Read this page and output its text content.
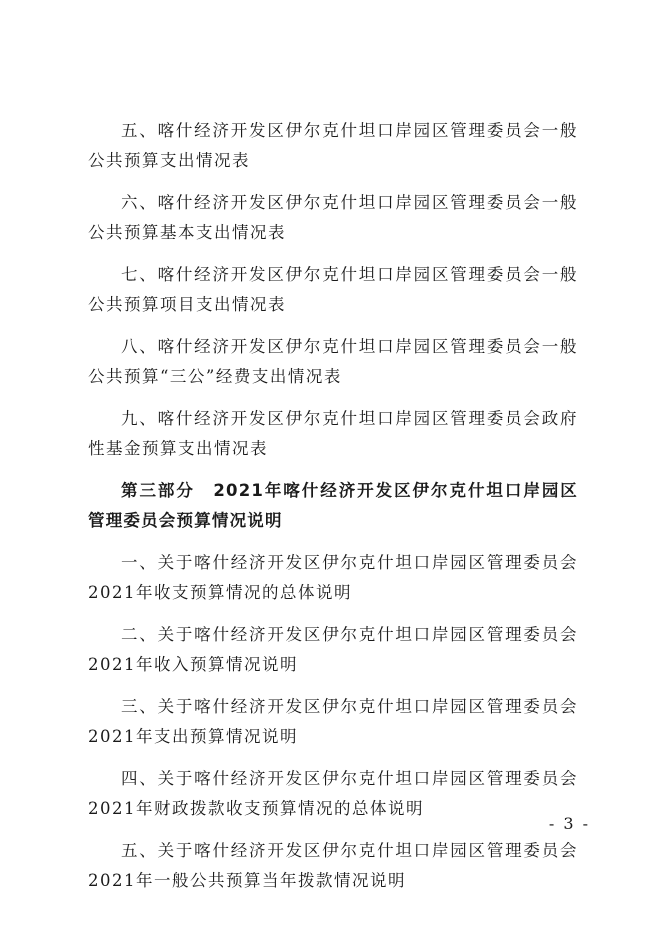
五、喀什经济开发区伊尔克什坦口岸园区管理委员会一般公共预算支出情况表

六、喀什经济开发区伊尔克什坦口岸园区管理委员会一般公共预算基本支出情况表

七、喀什经济开发区伊尔克什坦口岸园区管理委员会一般公共预算项目支出情况表

八、喀什经济开发区伊尔克什坦口岸园区管理委员会一般公共预算“三公”经费支出情况表

九、喀什经济开发区伊尔克什坦口岸园区管理委员会政府性基金预算支出情况表

第三部分　2021年喀什经济开发区伊尔克什坦口岸园区管理委员会预算情况说明

一、关于喀什经济开发区伊尔克什坦口岸园区管理委员会2021年收支预算情况的总体说明

二、关于喀什经济开发区伊尔克什坦口岸园区管理委员会2021年收入预算情况说明

三、关于喀什经济开发区伊尔克什坦口岸园区管理委员会2021年支出预算情况说明

四、关于喀什经济开发区伊尔克什坦口岸园区管理委员会2021年财政拨款收支预算情况的总体说明

五、关于喀什经济开发区伊尔克什坦口岸园区管理委员会2021年一般公共预算当年拨款情况说明

- 3 -
